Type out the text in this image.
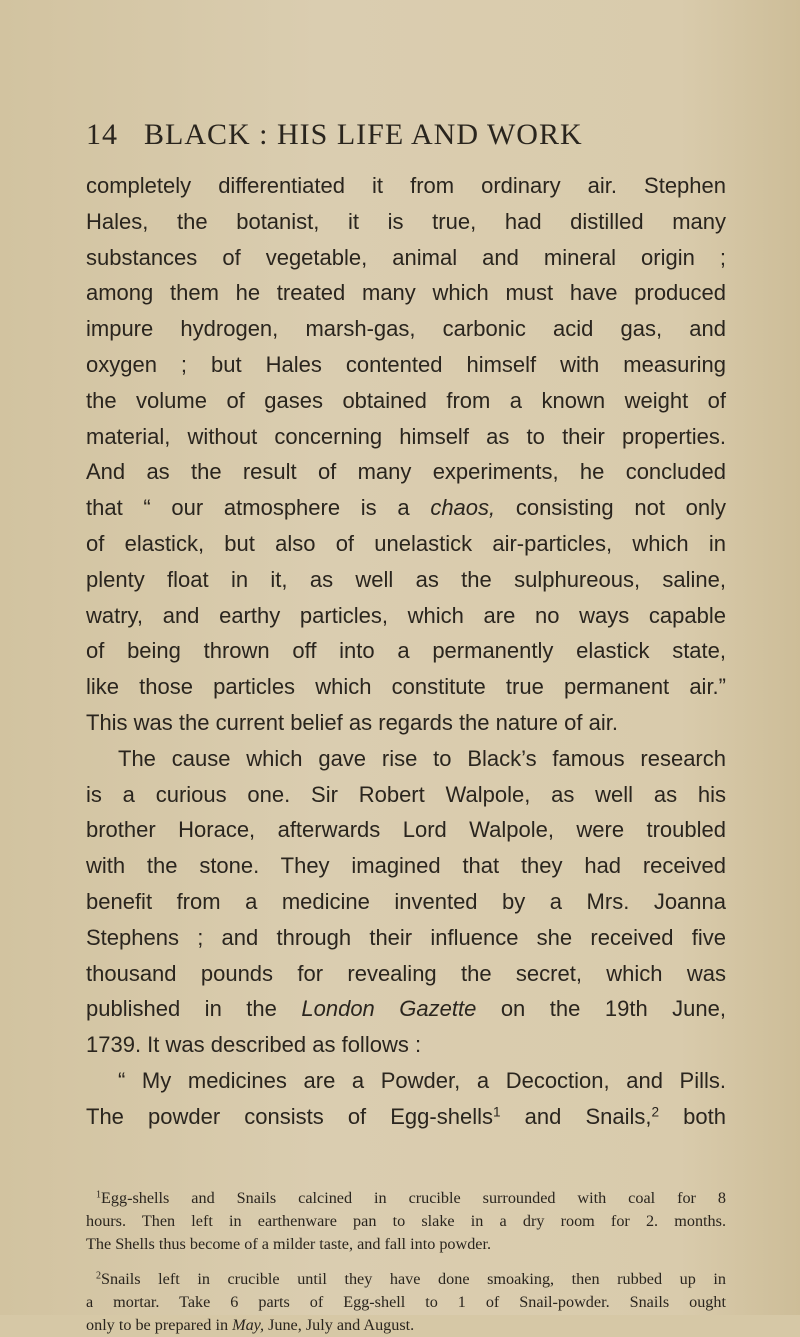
14 BLACK : HIS LIFE AND WORK
completely differentiated it from ordinary air. Stephen
Hales, the botanist, it is true, had distilled many
substances of vegetable, animal and mineral origin ;
among them he treated many which must have produced
impure hydrogen, marsh-gas, carbonic acid gas, and
oxygen ; but Hales contented himself with measuring
the volume of gases obtained from a known weight of
material, without concerning himself as to their properties.
And as the result of many experiments, he concluded
that “ our atmosphere is a chaos, consisting not only
of elastick, but also of unelastick air-particles, which in
plenty float in it, as well as the sulphureous, saline,
watry, and earthy particles, which are no ways capable
of being thrown off into a permanently elastick state,
like those particles which constitute true permanent air.”
This was the current belief as regards the nature of air.
The cause which gave rise to Black’s famous research
is a curious one. Sir Robert Walpole, as well as his
brother Horace, afterwards Lord Walpole, were troubled
with the stone. They imagined that they had received
benefit from a medicine invented by a Mrs. Joanna
Stephens ; and through their influence she received five
thousand pounds for revealing the secret, which was
published in the London Gazette on the 19th June,
1739. It was described as follows :
“ My medicines are a Powder, a Decoction, and Pills.
The powder consists of Egg-shells$^1$ and Snails,$^2$ both
$^1$Egg-shells and Snails calcined in crucible surrounded with coal for 8
hours. Then left in earthenware pan to slake in a dry room for 2. months.
The Shells thus become of a milder taste, and fall into powder.
$^2$Snails left in crucible until they have done smoaking, then rubbed up in
a mortar. Take 6 parts of Egg-shell to 1 of Snail-powder. Snails ought
only to be prepared in May, June, July and August.
